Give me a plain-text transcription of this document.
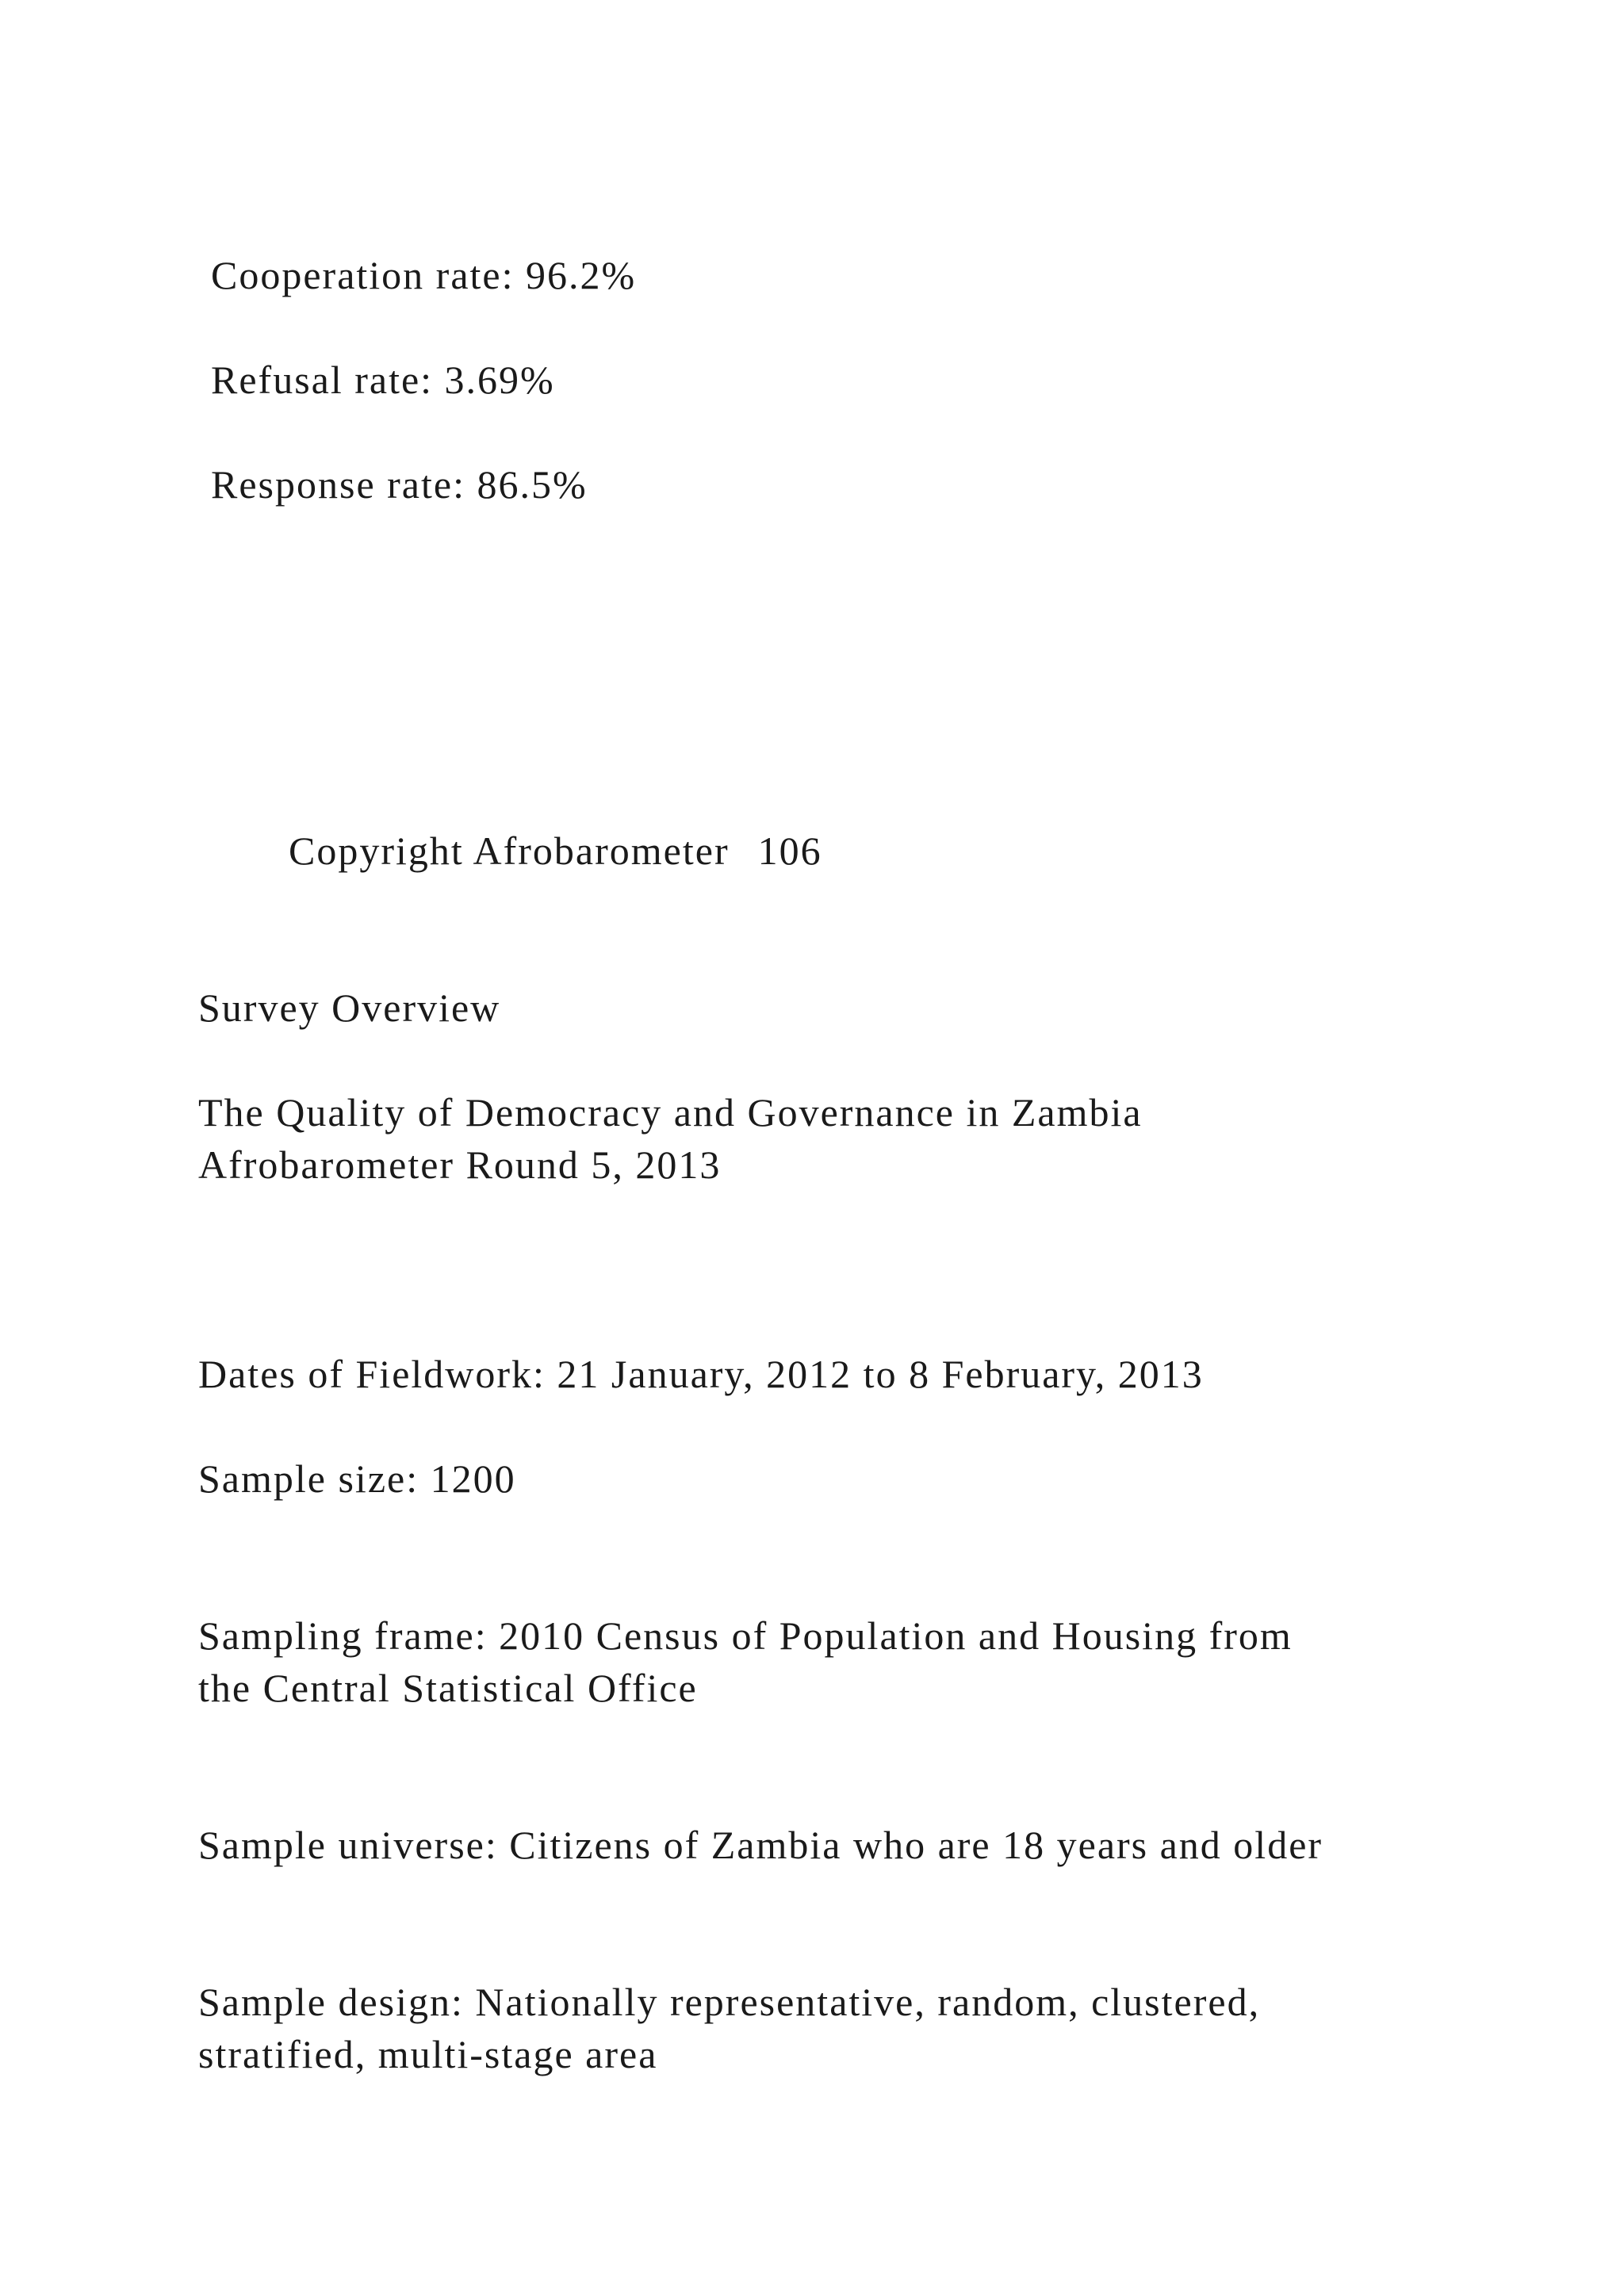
Cooperation rate: 96.2%
Refusal rate: 3.69%
Response rate: 86.5%
Copyright Afrobarometer 106
Survey Overview
The Quality of Democracy and Governance in Zambia
Afrobarometer Round 5, 2013
Dates of Fieldwork: 21 January, 2012 to 8 February, 2013
Sample size: 1200
Sampling frame: 2010 Census of Population and Housing from
the Central Statistical Office
Sample universe: Citizens of Zambia who are 18 years and older
Sample design: Nationally representative, random, clustered,
stratified, multi-stage area
